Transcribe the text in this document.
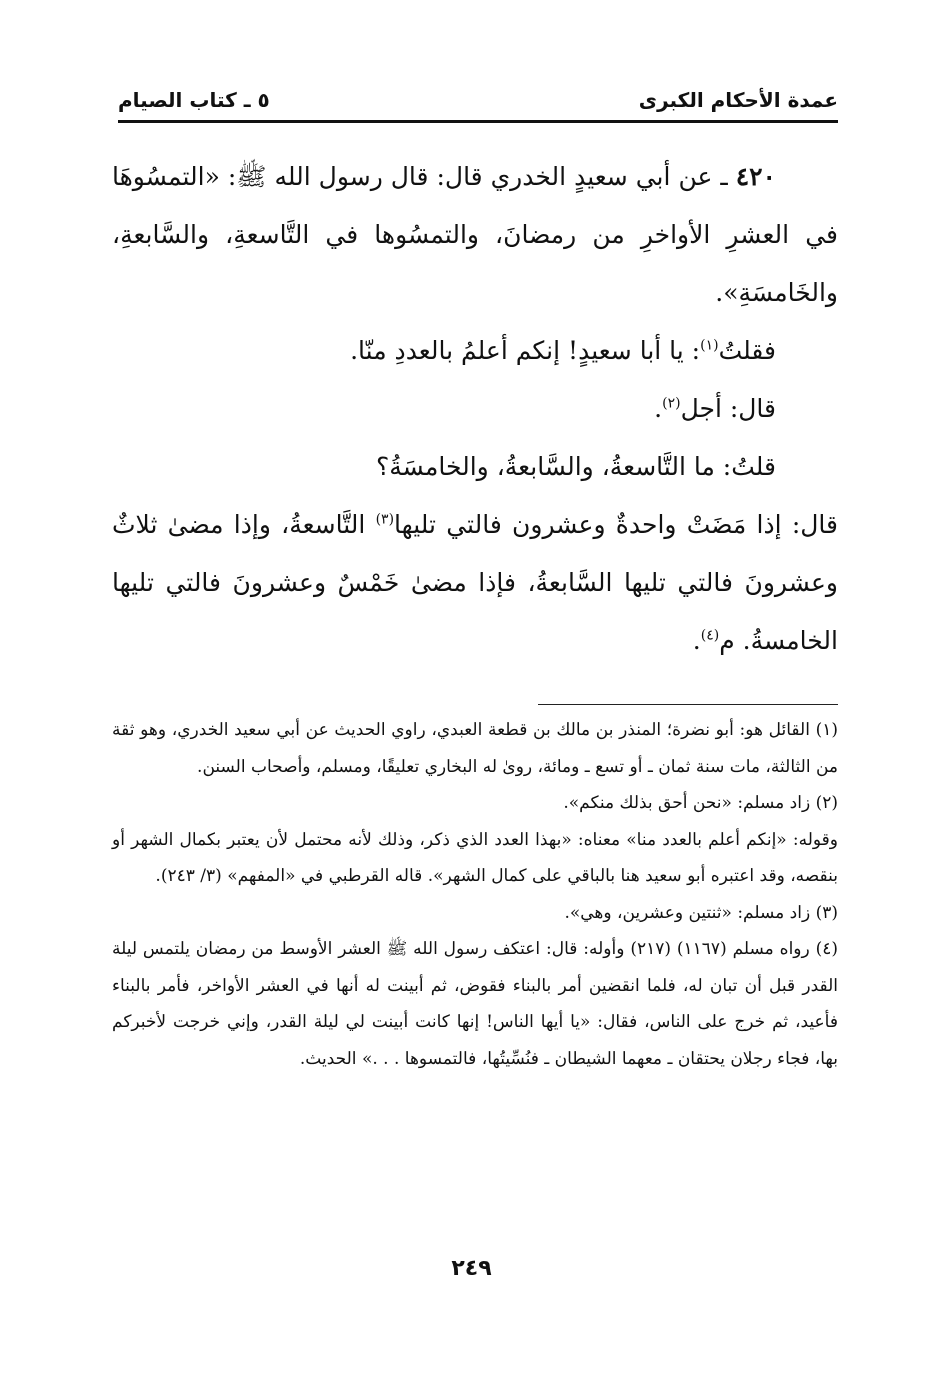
عمدة الأحكام الكبرى
٥ ـ كتاب الصيام

٤٢٠ ـ عن أبي سعيدٍ الخدري قال: قال رسول الله ﷺ: «التمسُوهَا في العشرِ الأواخرِ من رمضانَ، والتمسُوها في التَّاسعةِ، والسَّابعةِ، والخَامسَةِ».

فقلتُ$^{(١)}$: يا أبا سعيدٍ! إنكم أعلمُ بالعددِ منّا.

قال: أجل$^{(٢)}$.

قلتُ: ما التَّاسعةُ، والسَّابعةُ، والخامسَةُ؟

قال: إذا مَضَتْ واحدةٌ وعشرون فالتي تليها$^{(٣)}$ التَّاسعةُ، وإذا مضىٰ ثلاثٌ وعشرونَ فالتي تليها السَّابعةُ، فإذا مضىٰ خَمْسٌ وعشرونَ فالتي تليها الخامسةُ. م$^{(٤)}$.

(١) القائل هو: أبو نضرة؛ المنذر بن مالك بن قطعة العبدي، راوي الحديث عن أبي سعيد الخدري، وهو ثقة من الثالثة، مات سنة ثمان ـ أو تسع ـ ومائة، روىٰ له البخاري تعليقًا، ومسلم، وأصحاب السنن.

(٢) زاد مسلم: «نحن أحق بذلك منكم».

وقوله: «إنكم أعلم بالعدد منا» معناه: «بهذا العدد الذي ذكر، وذلك لأنه محتمل لأن يعتبر بكمال الشهر أو بنقصه، وقد اعتبره أبو سعيد هنا بالباقي على كمال الشهر». قاله القرطبي في «المفهم» (٣/ ٢٤٣).

(٣) زاد مسلم: «ثنتين وعشرين، وهي».

(٤) رواه مسلم (١١٦٧) (٢١٧) وأوله: قال: اعتكف رسول الله ﷺ العشر الأوسط من رمضان يلتمس ليلة القدر قبل أن تبان له، فلما انقضين أمر بالبناء فقوض، ثم أبينت له أنها في العشر الأواخر، فأمر بالبناء فأعيد، ثم خرج على الناس، فقال: «يا أيها الناس! إنها كانت أبينت لي ليلة القدر، وإني خرجت لأخبركم بها، فجاء رجلان يحتقان ـ معهما الشيطان ـ فنُسِّيتُها، فالتمسوها . . .» الحديث.

٢٤٩
